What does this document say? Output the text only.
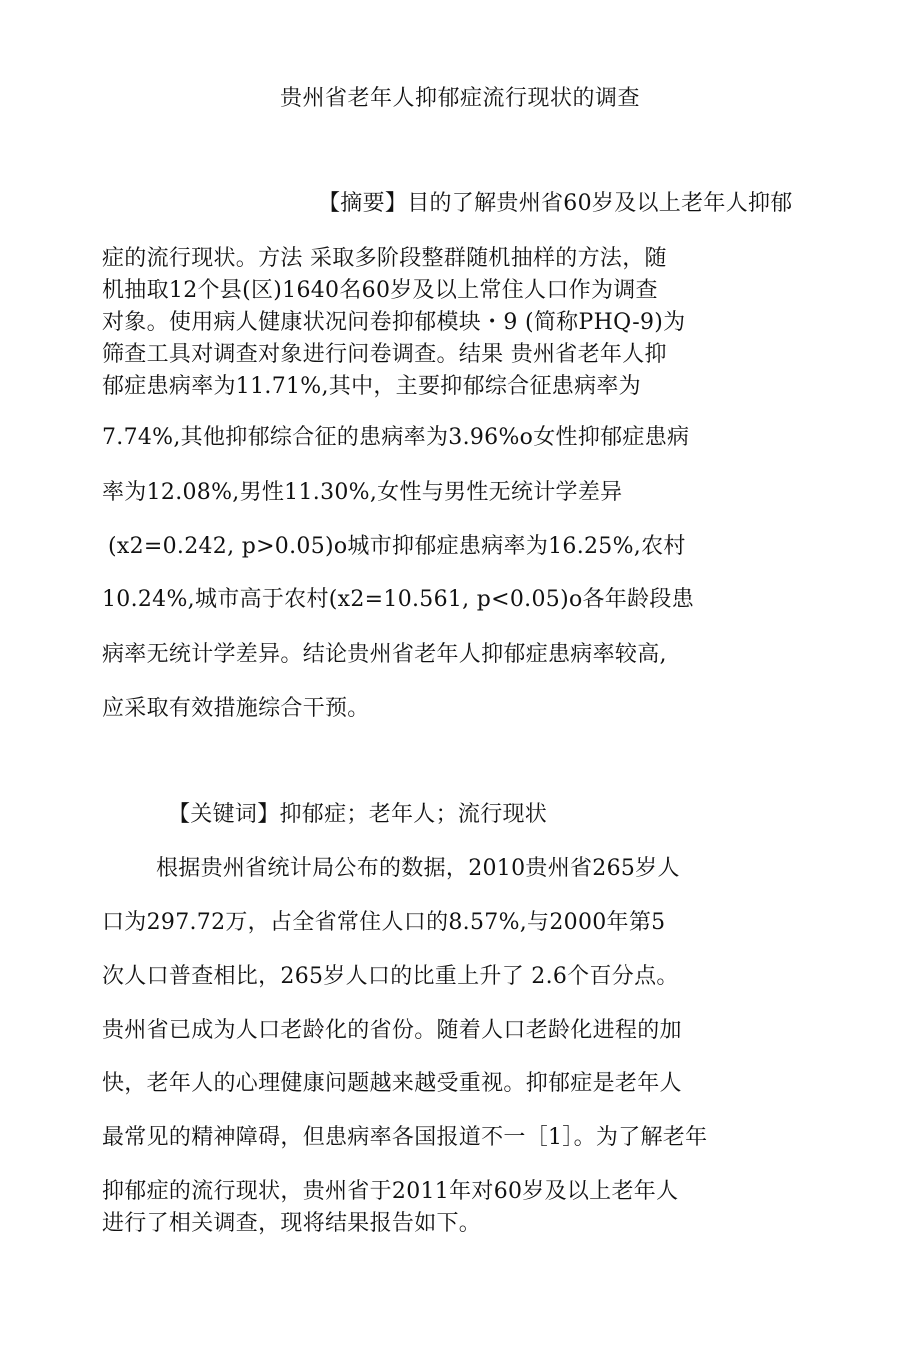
贵州省老年人抑郁症流行现状的调查
【摘要】目的了解贵州省60岁及以上老年人抑郁
症的流行现状。方法 采取多阶段整群随机抽样的方法，随
机抽取12个县(区)1640名60岁及以上常住人口作为调查
对象。使用病人健康状况问卷抑郁模块・9 (简称PHQ-9)为
筛查工具对调查对象进行问卷调查。结果 贵州省老年人抑
郁症患病率为11.71%,其中，主要抑郁综合征患病率为
7.74%,其他抑郁综合征的患病率为3.96%o女性抑郁症患病
率为12.08%,男性11.30%,女性与男性无统计学差异
(x2=0.242, p>0.05)o城市抑郁症患病率为16.25%,农村
10.24%,城市高于农村(x2=10.561, p<0.05)o各年龄段患
病率无统计学差异。结论贵州省老年人抑郁症患病率较高,
应采取有效措施综合干预。
【关键词】抑郁症；老年人；流行现状
根据贵州省统计局公布的数据，2010贵州省265岁人
口为297.72万，占全省常住人口的8.57%,与2000年第5
次人口普查相比，265岁人口的比重上升了 2.6个百分点。
贵州省已成为人口老龄化的省份。随着人口老龄化进程的加
快，老年人的心理健康问题越来越受重视。抑郁症是老年人
最常见的精神障碍，但患病率各国报道不一［1］。为了解老年
抑郁症的流行现状，贵州省于2011年对60岁及以上老年人
进行了相关调查，现将结果报告如下。
